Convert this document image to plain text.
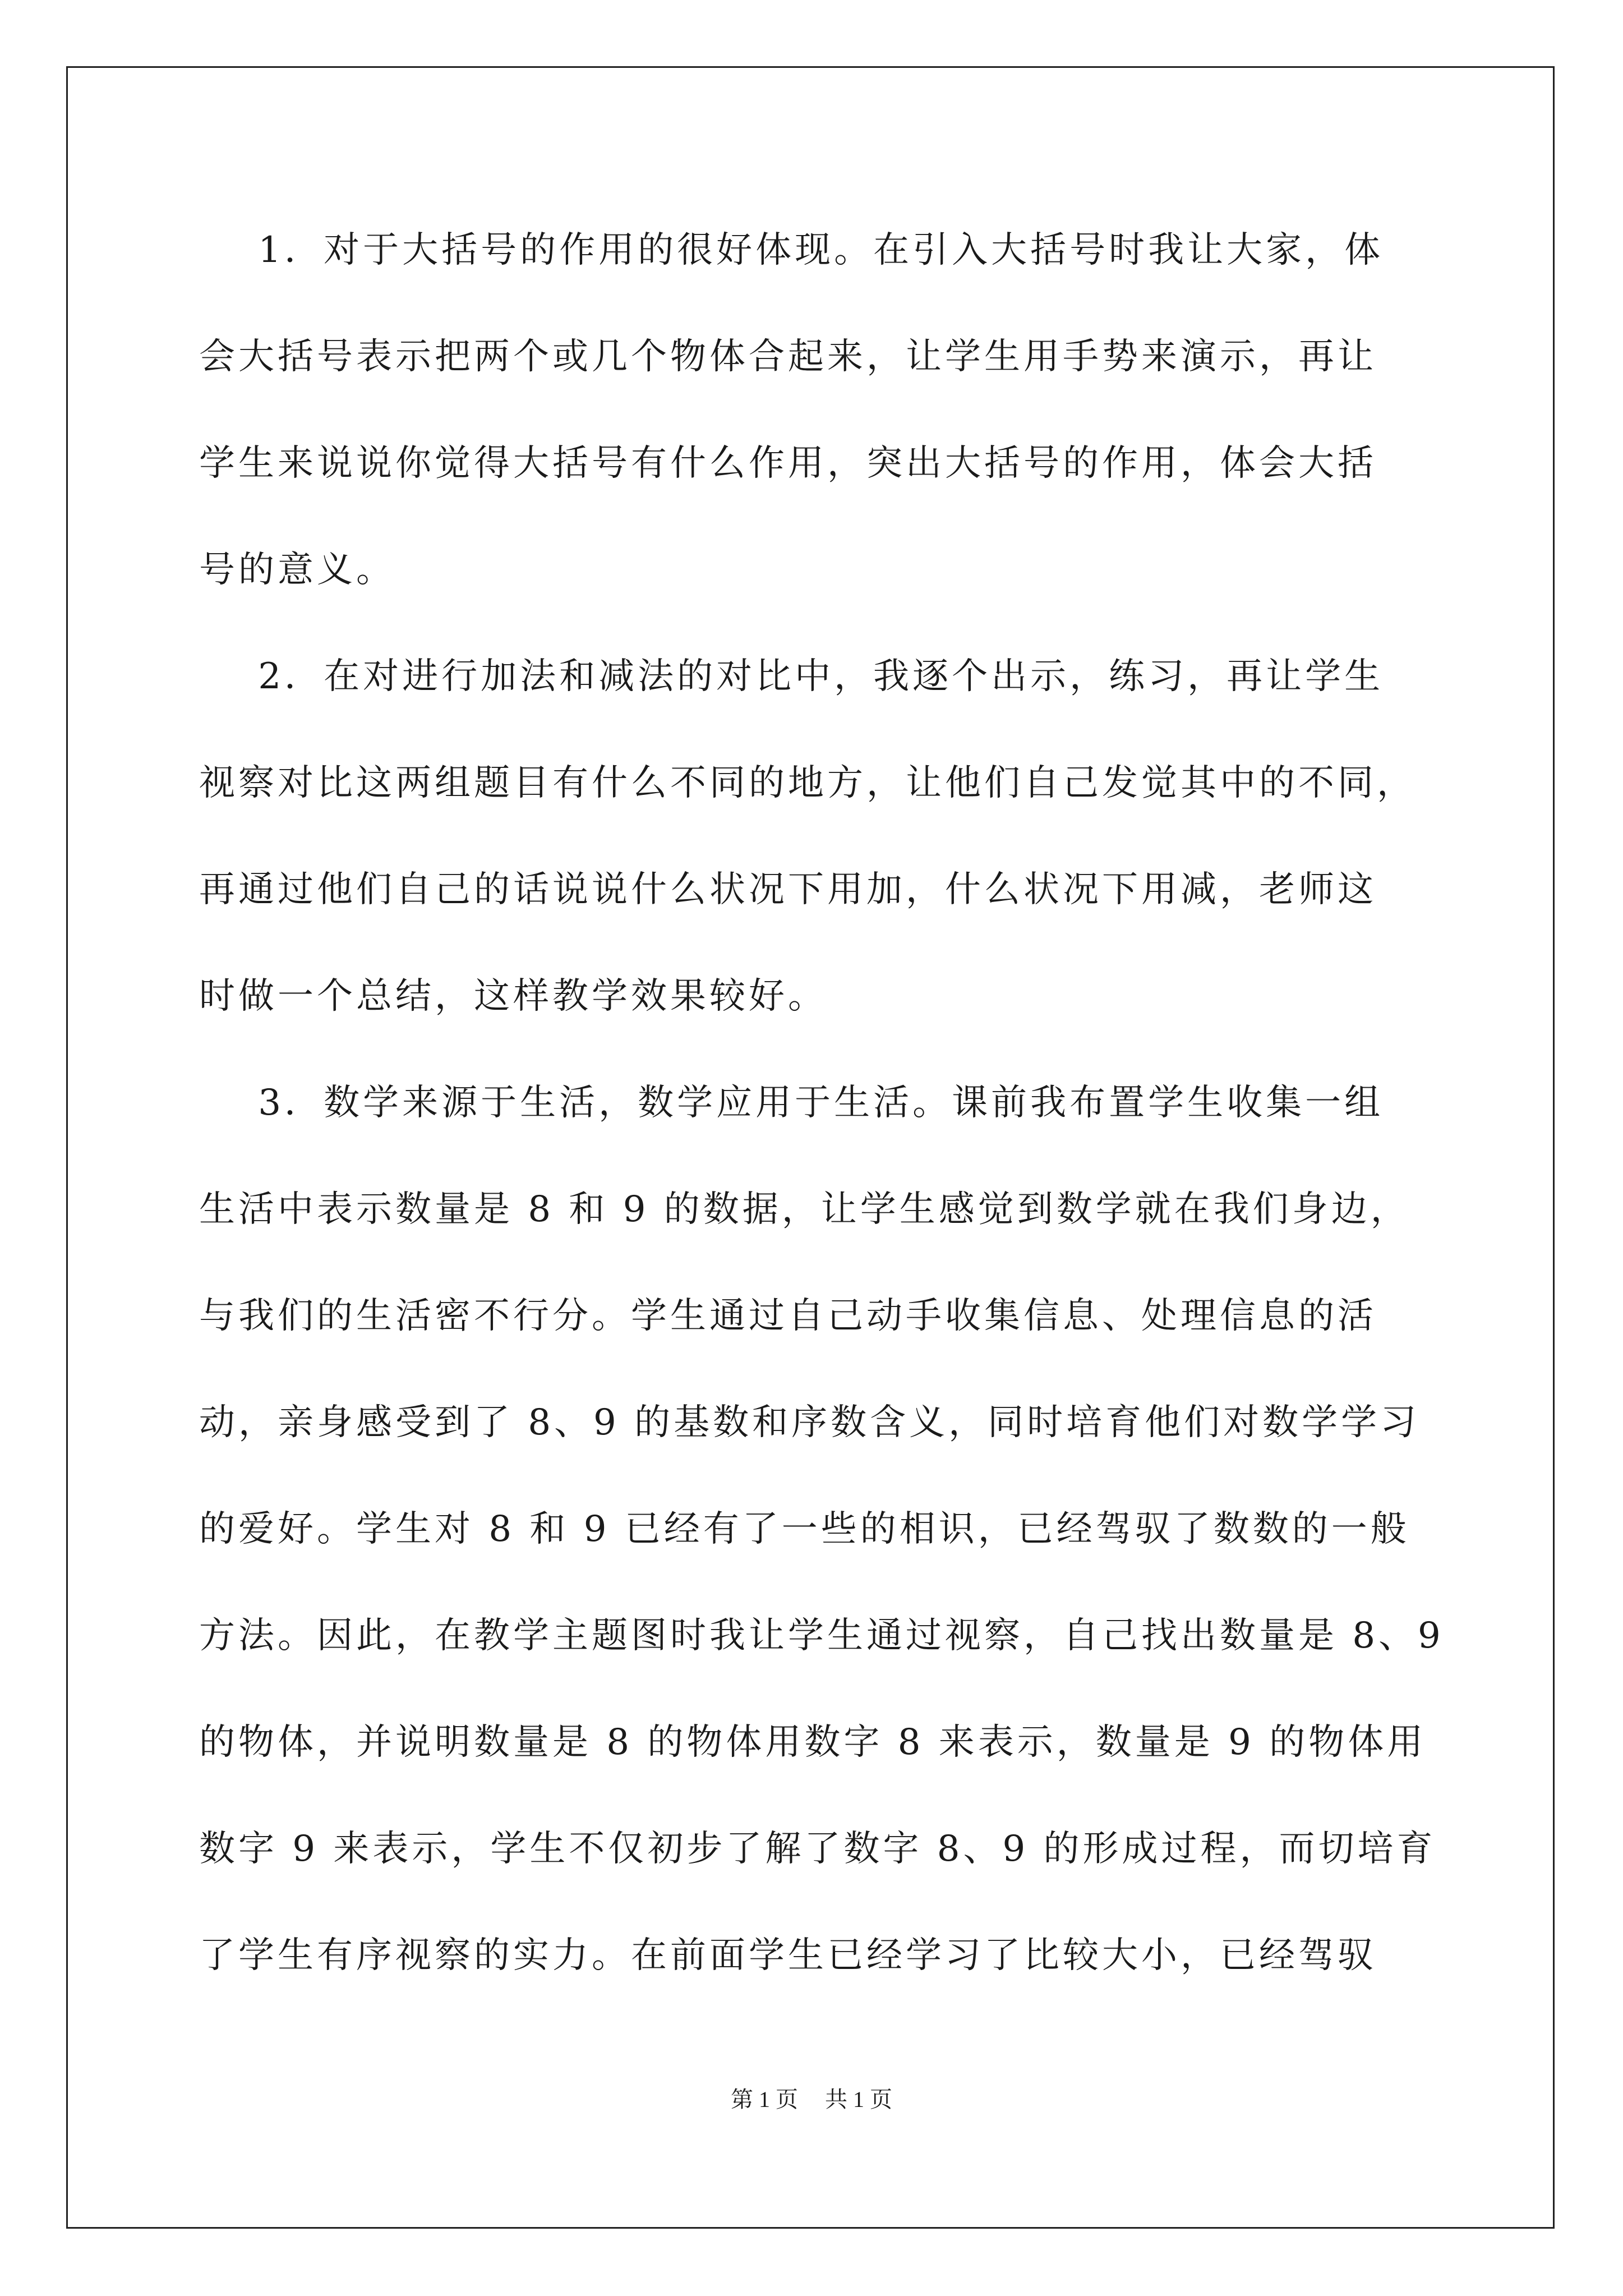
1．对于大括号的作用的很好体现。在引入大括号时我让大家，体
会大括号表示把两个或几个物体合起来，让学生用手势来演示，再让
学生来说说你觉得大括号有什么作用，突出大括号的作用，体会大括
号的意义。
2．在对进行加法和减法的对比中，我逐个出示，练习，再让学生
视察对比这两组题目有什么不同的地方，让他们自己发觉其中的不同，
再通过他们自己的话说说什么状况下用加，什么状况下用减，老师这
时做一个总结，这样教学效果较好。
3．数学来源于生活，数学应用于生活。课前我布置学生收集一组
生活中表示数量是 8 和 9 的数据，让学生感觉到数学就在我们身边，
与我们的生活密不行分。学生通过自己动手收集信息、处理信息的活
动，亲身感受到了 8、9 的基数和序数含义，同时培育他们对数学学习
的爱好。学生对 8 和 9 已经有了一些的相识，已经驾驭了数数的一般
方法。因此，在教学主题图时我让学生通过视察，自己找出数量是 8、9
的物体，并说明数量是 8 的物体用数字 8 来表示，数量是 9 的物体用
数字 9 来表示，学生不仅初步了解了数字 8、9 的形成过程，而切培育
了学生有序视察的实力。在前面学生已经学习了比较大小，已经驾驭
第 1 页 共 1 页
